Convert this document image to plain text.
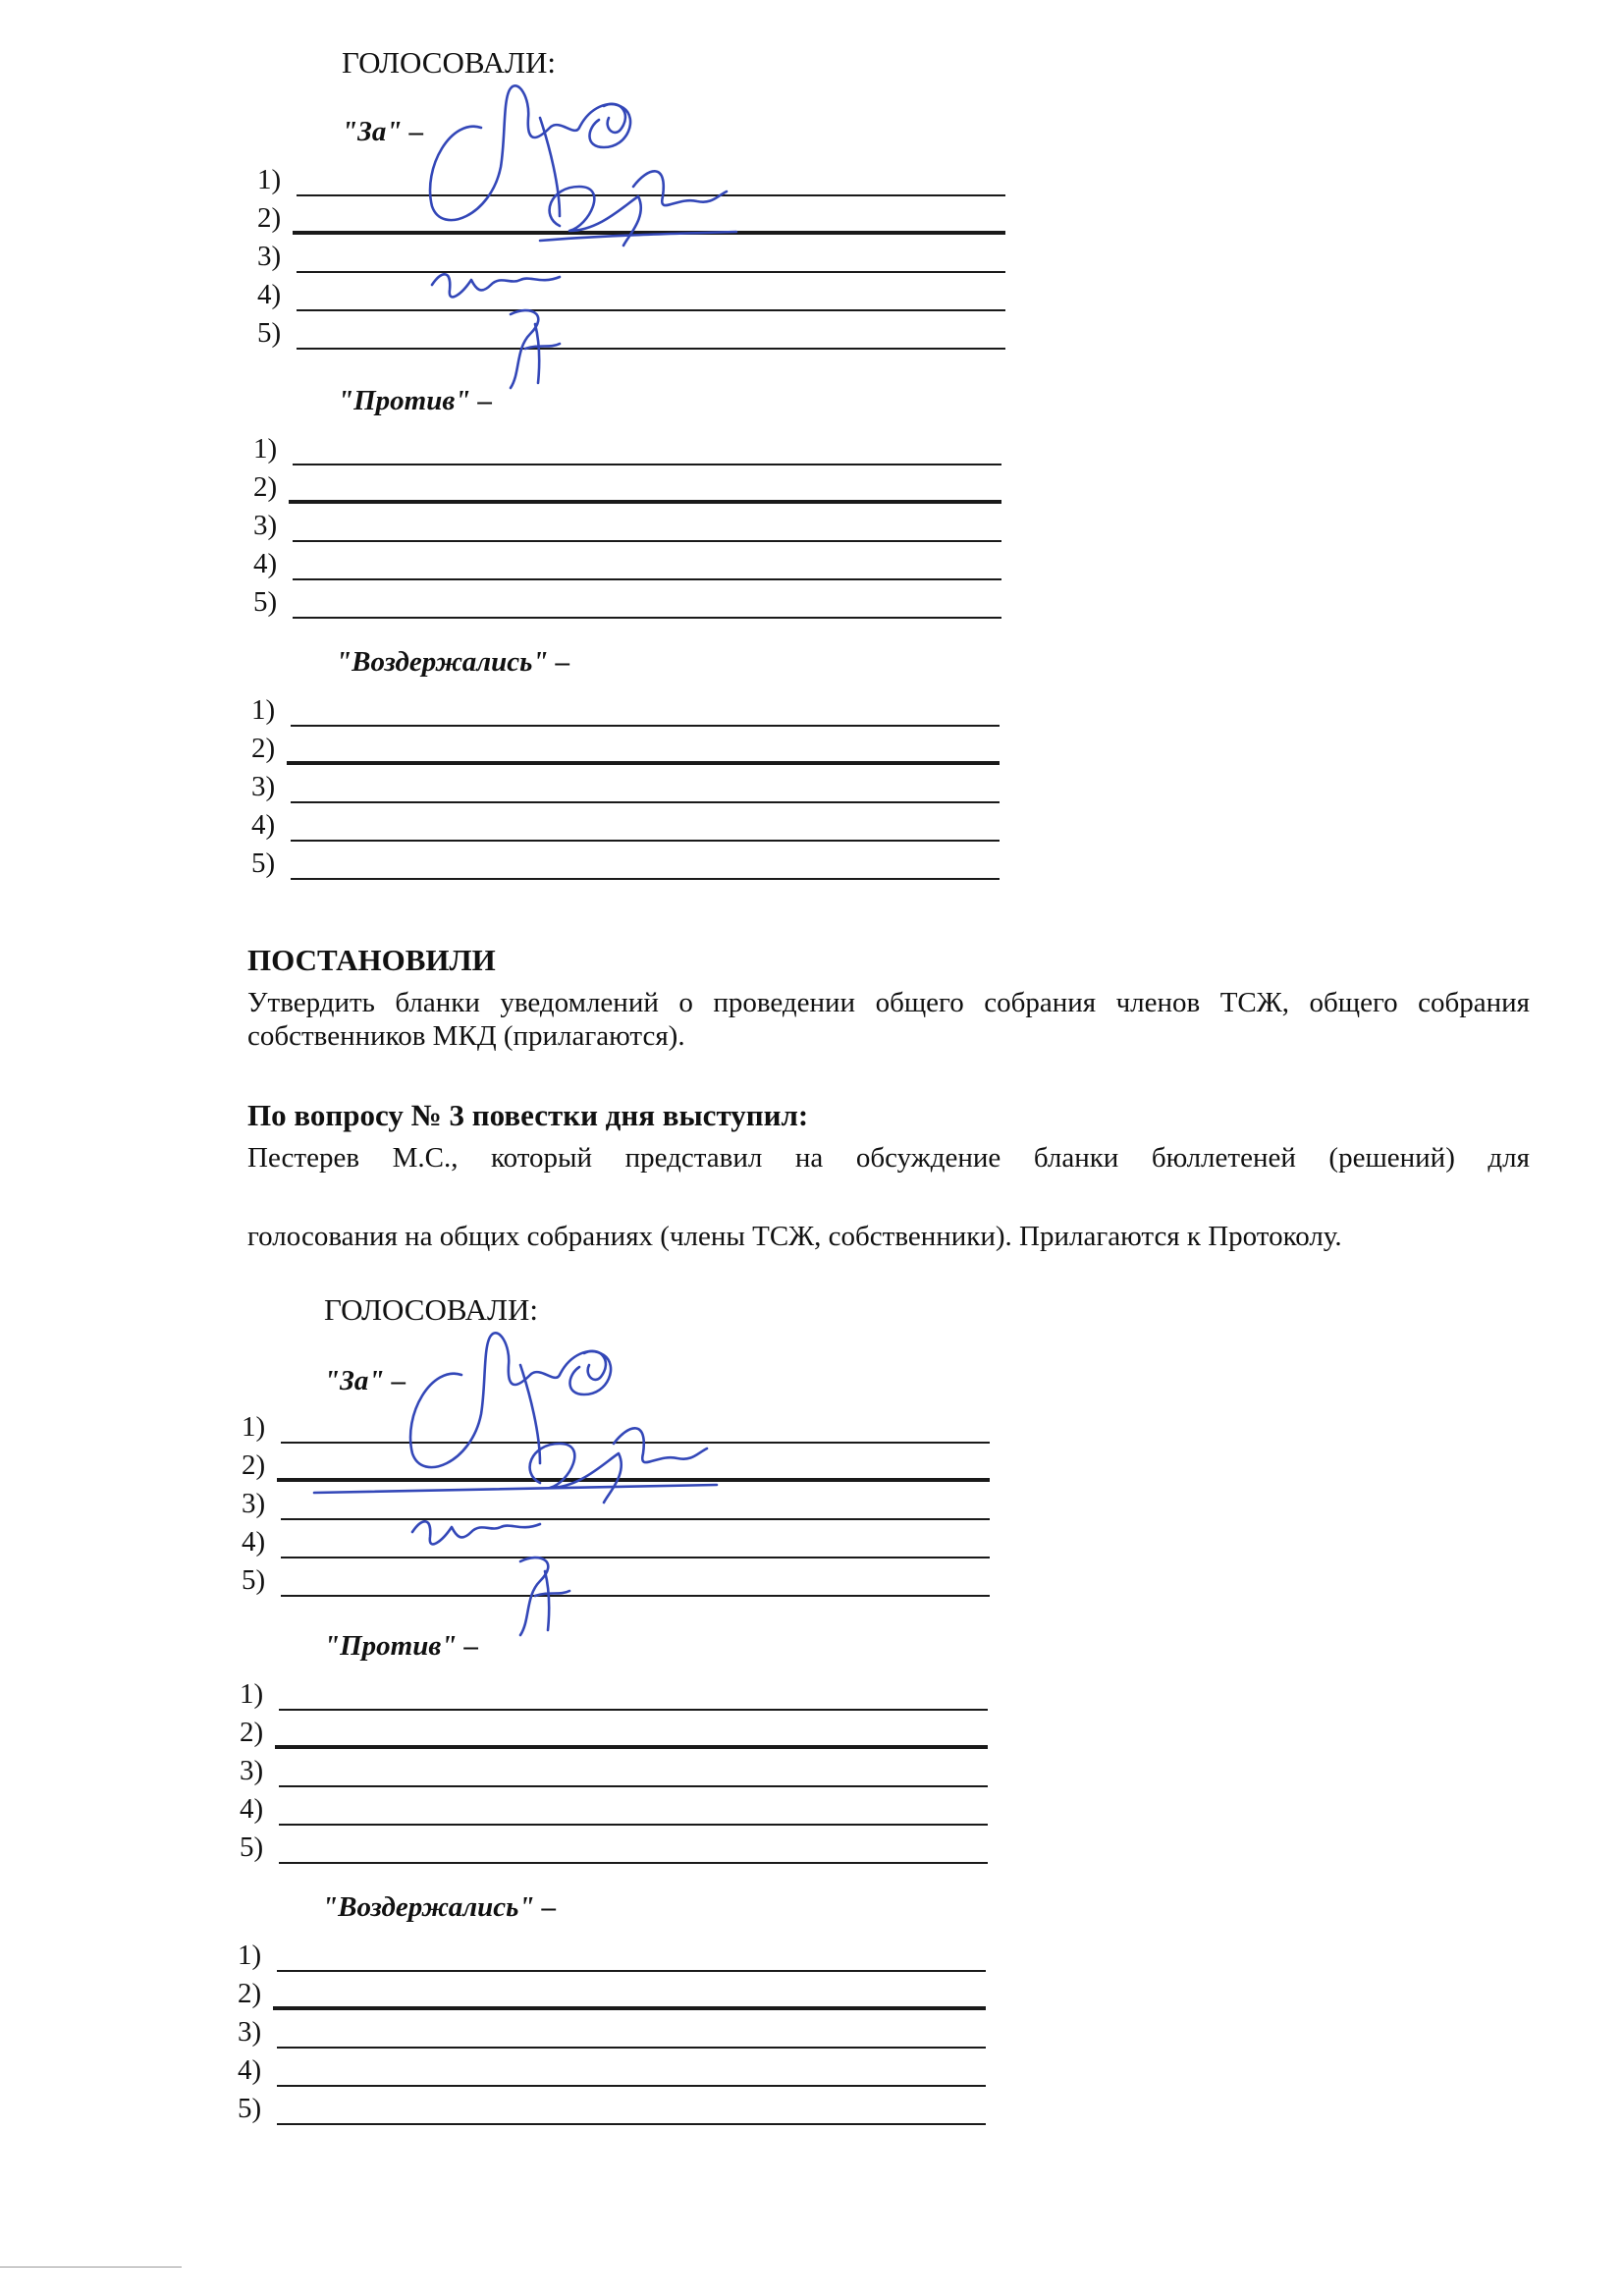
ГОЛОСОВАЛИ:
"За" –
1)
2)
3)
4)
5)
"Против" –
1)
2)
3)
4)
5)
"Воздержались" –
1)
2)
3)
4)
5)
ПОСТАНОВИЛИ
Утвердить бланки уведомлений о проведении общего собрания членов ТСЖ, общего собрания собственников МКД (прилагаются).
По вопросу № 3 повестки дня выступил:
Пестерев М.С., который представил на обсуждение бланки бюллетеней (решений) для
голосования на общих собраниях (члены ТСЖ, собственники). Прилагаются к Протоколу.
ГОЛОСОВАЛИ:
"За" –
1)
2)
3)
4)
5)
"Против" –
1)
2)
3)
4)
5)
"Воздержались" –
1)
2)
3)
4)
5)
